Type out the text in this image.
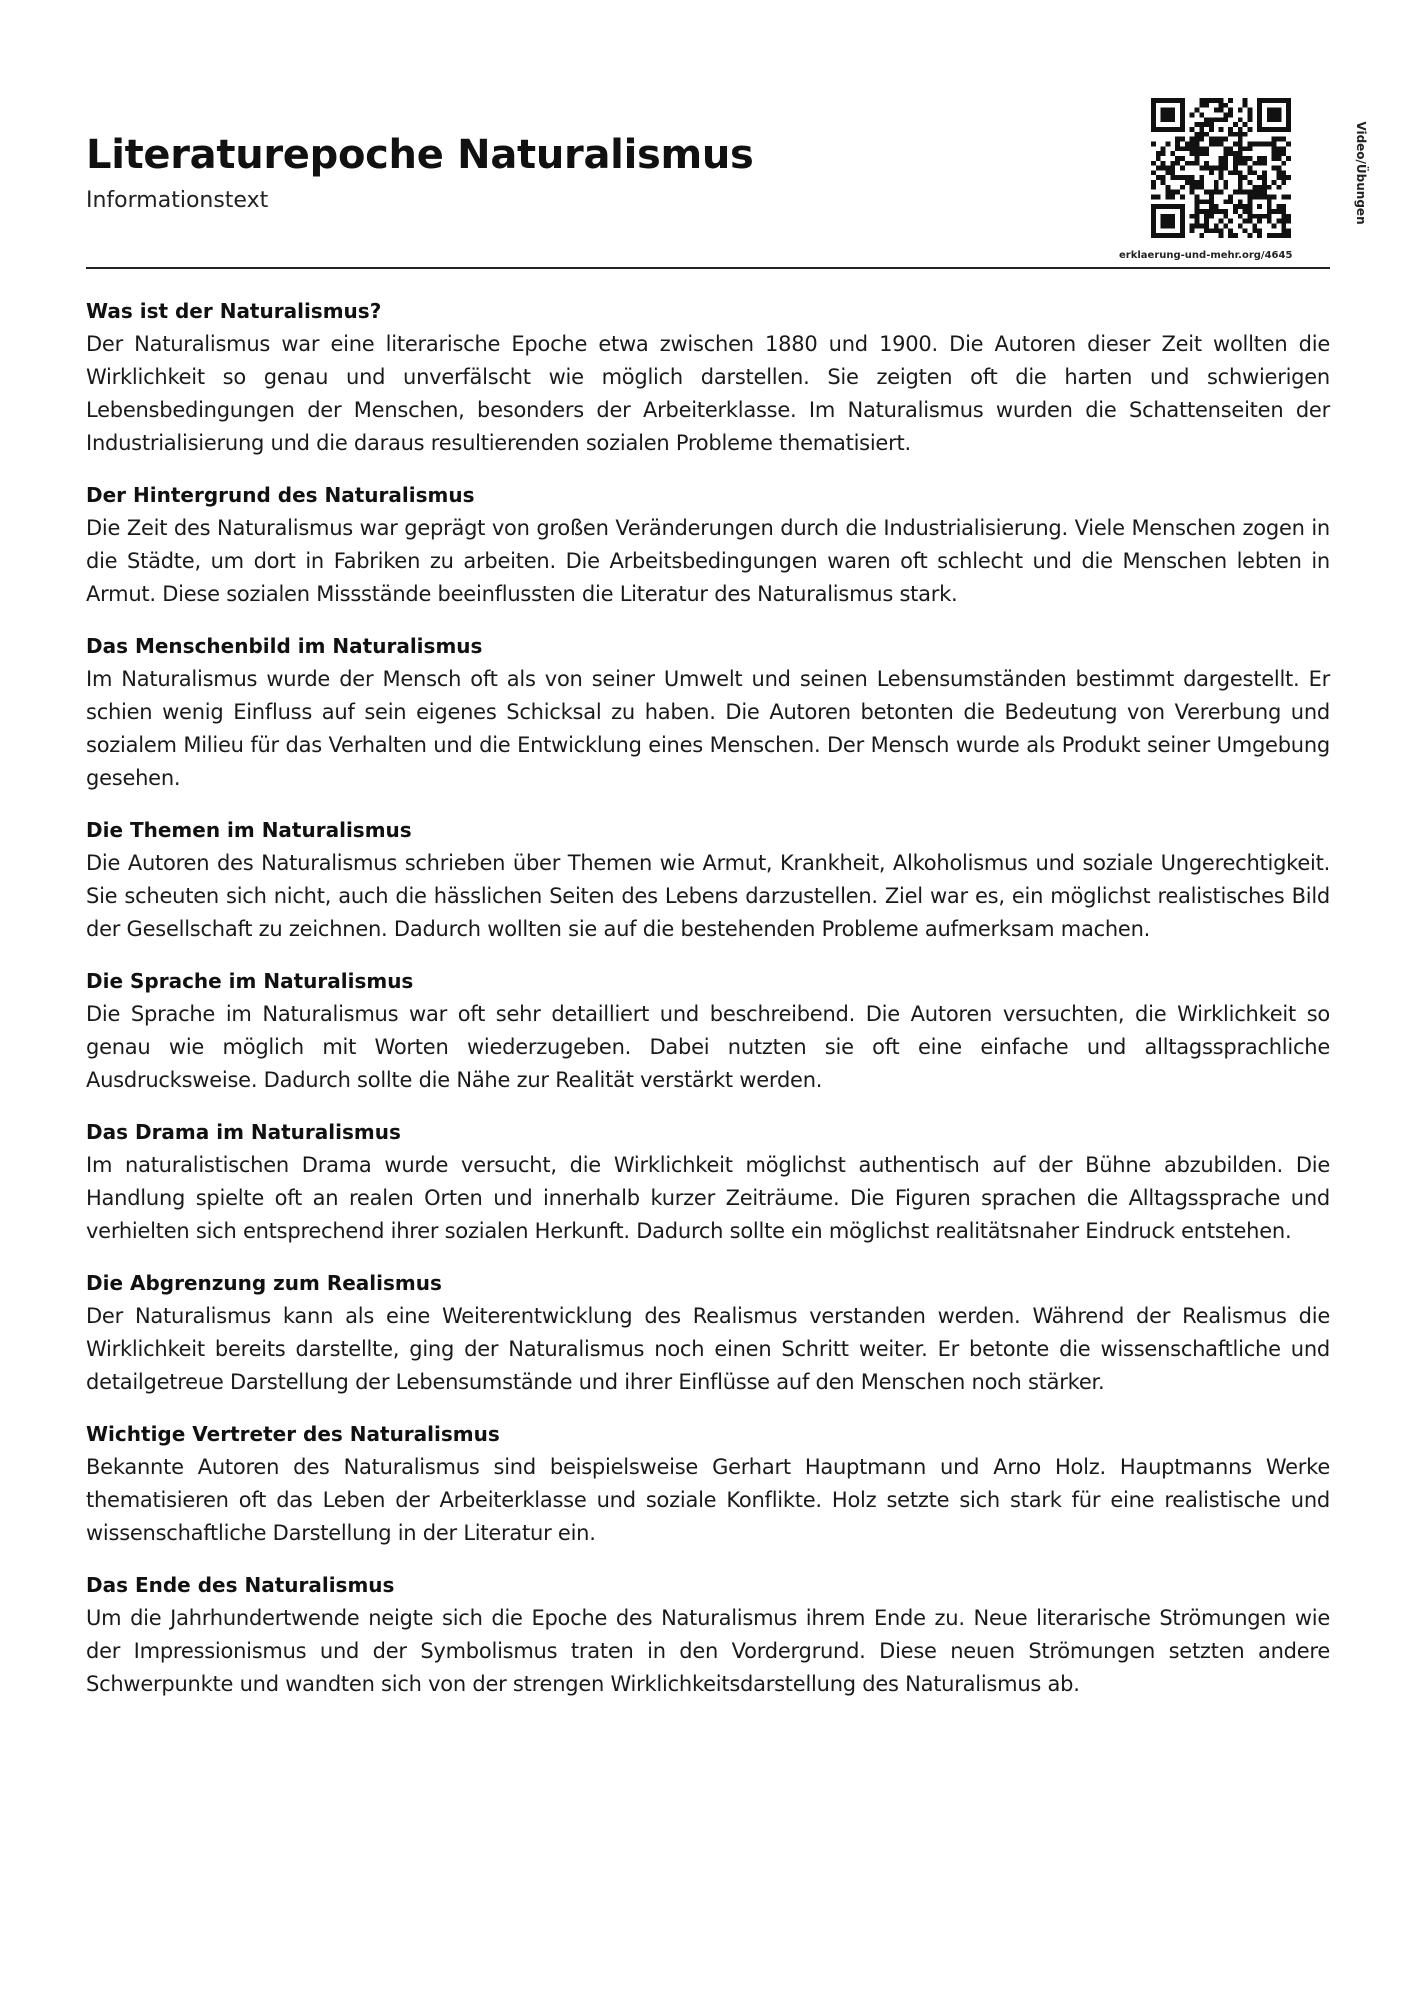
Literaturepoche Naturalismus
Informationstext
erklaerung-und-mehr.org/4645
Video/Übungen

Was ist der Naturalismus?

Der Naturalismus war eine literarische Epoche etwa zwischen 1880 und 1900. Die Autoren dieser Zeit wollten die Wirklichkeit so genau und unverfälscht wie möglich darstellen. Sie zeigten oft die harten und schwierigen Lebensbedingungen der Menschen, besonders der Arbeiterklasse. Im Naturalismus wurden die Schattenseiten der Industrialisierung und die daraus resultierenden sozialen Probleme thematisiert.

Der Hintergrund des Naturalismus

Die Zeit des Naturalismus war geprägt von großen Veränderungen durch die Industrialisierung. Viele Menschen zogen in die Städte, um dort in Fabriken zu arbeiten. Die Arbeitsbedingungen waren oft schlecht und die Menschen lebten in Armut. Diese sozialen Missstände beeinflussten die Literatur des Naturalismus stark.

Das Menschenbild im Naturalismus

Im Naturalismus wurde der Mensch oft als von seiner Umwelt und seinen Lebensumständen bestimmt dargestellt. Er schien wenig Einfluss auf sein eigenes Schicksal zu haben. Die Autoren betonten die Bedeutung von Vererbung und sozialem Milieu für das Verhalten und die Entwicklung eines Menschen. Der Mensch wurde als Produkt seiner Umgebung gesehen.

Die Themen im Naturalismus

Die Autoren des Naturalismus schrieben über Themen wie Armut, Krankheit, Alkoholismus und soziale Ungerechtigkeit. Sie scheuten sich nicht, auch die hässlichen Seiten des Lebens darzustellen. Ziel war es, ein möglichst realistisches Bild der Gesellschaft zu zeichnen. Dadurch wollten sie auf die bestehenden Probleme aufmerksam machen.

Die Sprache im Naturalismus

Die Sprache im Naturalismus war oft sehr detailliert und beschreibend. Die Autoren versuchten, die Wirklichkeit so genau wie möglich mit Worten wiederzugeben. Dabei nutzten sie oft eine einfache und alltagssprachliche Ausdrucksweise. Dadurch sollte die Nähe zur Realität verstärkt werden.

Das Drama im Naturalismus

Im naturalistischen Drama wurde versucht, die Wirklichkeit möglichst authentisch auf der Bühne abzubilden. Die Handlung spielte oft an realen Orten und innerhalb kurzer Zeiträume. Die Figuren sprachen die Alltagssprache und verhielten sich entsprechend ihrer sozialen Herkunft. Dadurch sollte ein möglichst realitätsnaher Eindruck entstehen.

Die Abgrenzung zum Realismus

Der Naturalismus kann als eine Weiterentwicklung des Realismus verstanden werden. Während der Realismus die Wirklichkeit bereits darstellte, ging der Naturalismus noch einen Schritt weiter. Er betonte die wissenschaftliche und detailgetreue Darstellung der Lebensumstände und ihrer Einflüsse auf den Menschen noch stärker.

Wichtige Vertreter des Naturalismus

Bekannte Autoren des Naturalismus sind beispielsweise Gerhart Hauptmann und Arno Holz. Hauptmanns Werke thematisieren oft das Leben der Arbeiterklasse und soziale Konflikte. Holz setzte sich stark für eine realistische und wissenschaftliche Darstellung in der Literatur ein.

Das Ende des Naturalismus

Um die Jahrhundertwende neigte sich die Epoche des Naturalismus ihrem Ende zu. Neue literarische Strömungen wie der Impressionismus und der Symbolismus traten in den Vordergrund. Diese neuen Strömungen setzten andere Schwerpunkte und wandten sich von der strengen Wirklichkeitsdarstellung des Naturalismus ab.
